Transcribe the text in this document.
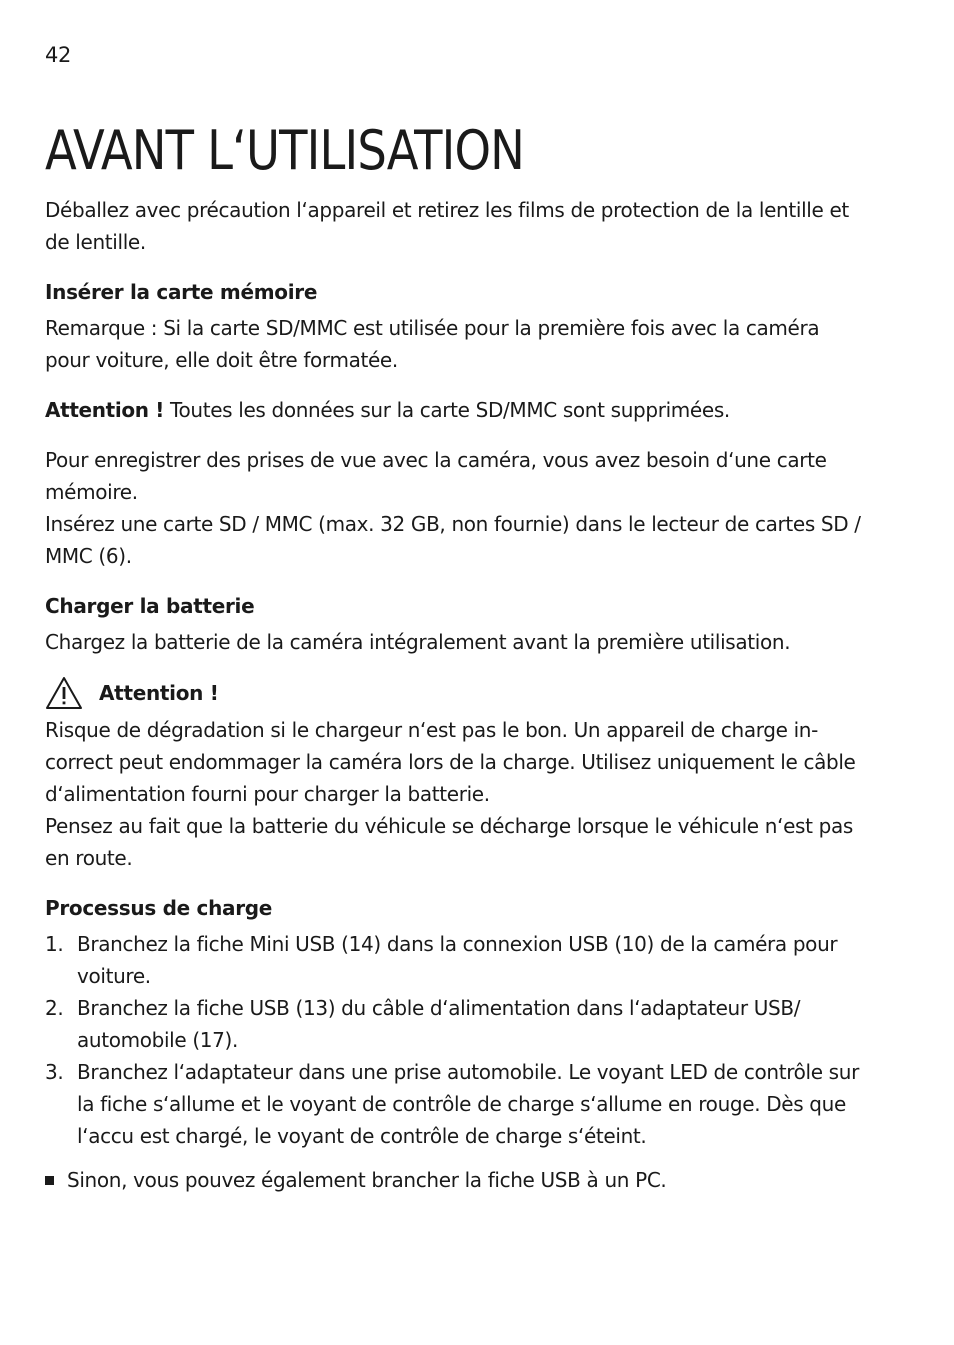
42

AVANT L‘UTILISATION

Déballez avec précaution l‘appareil et retirez les films de protection de la lentille et de lentille.

Insérer la carte mémoire

Remarque : Si la carte SD/MMC est utilisée pour la première fois avec la caméra pour voiture, elle doit être formatée.

Attention ! Toutes les données sur la carte SD/MMC sont supprimées.

Pour enregistrer des prises de vue avec la caméra, vous avez besoin d‘une carte mémoire.

Insérez une carte SD / MMC (max. 32 GB, non fournie) dans le lecteur de cartes SD / MMC (6).

Charger la batterie

Chargez la batterie de la caméra intégralement avant la première utilisation.

Attention !

Risque de dégradation si le chargeur n‘est pas le bon. Un appareil de charge in-correct peut endommager la caméra lors de la charge. Utilisez uniquement le câble d‘alimentation fourni pour charger la batterie.

Pensez au fait que la batterie du véhicule se décharge lorsque le véhicule n‘est pas en route.

Processus de charge

1. Branchez la fiche Mini USB (14) dans la connexion USB (10) de la caméra pour voiture.
2. Branchez la fiche USB (13) du câble d‘alimentation dans l‘adaptateur USB/ automobile (17).
3. Branchez l‘adaptateur dans une prise automobile. Le voyant LED de contrôle sur la fiche s‘allume et le voyant de contrôle de charge s‘allume en rouge. Dès que l‘accu est chargé, le voyant de contrôle de charge s‘éteint.

Sinon, vous pouvez également brancher la fiche USB à un PC.
